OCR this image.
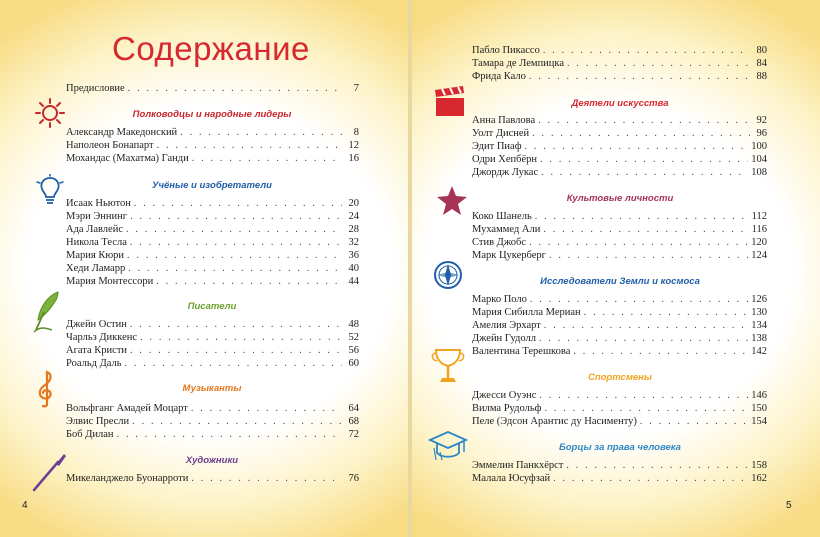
Содержание
Предисловие . . .	7
Полководцы и народные лидеры
Александр Македонский . . .	8
Наполеон Бонапарт . . .	12
Мохандас (Махатма) Ганди . . .	16
Учёные и изобретатели
Исаак Ньютон . . .	20
Мэри Эннинг . . .	24
Ада Лавлейс . . .	28
Никола Тесла . . .	32
Мария Кюри . . .	36
Хеди Ламарр . . .	40
Мария Монтессори . . .	44
Писатели
Джейн Остин . . .	48
Чарльз Диккенс . . .	52
Агата Кристи . . .	56
Роальд Даль . . .	60
Музыканты
Вольфганг Амадей Моцарт . . .	64
Элвис Пресли . . .	68
Боб Дилан . . .	72
Художники
Микеланджело Буонарроти . . .	76
4
Пабло Пикассо . . .	80
Тамара де Лемпицка . . .	84
Фрида Кало . . .	88
Деятели искусства
Анна Павлова . . .	92
Уолт Дисней . . .	96
Эдит Пиаф . . .	100
Одри Хепбёрн . . .	104
Джордж Лукас . . .	108
Культовые личности
Коко Шанель . . .	112
Мухаммед Али . . .	116
Стив Джобс . . .	120
Марк Цукерберг . . .	124
Исследователи Земли и космоса
Марко Поло . . .	126
Мария Сибилла Мериан . . .	130
Амелия Эрхарт . . .	134
Джейн Гудолл . . .	138
Валентина Терешкова . . .	142
Спортсмены
Джесси Оуэнс . . .	146
Вилма Рудольф . . .	150
Пеле (Эдсон Арантис ду Насименту) . . .	154
Борцы за права человека
Эммелин Панкхёрст . . .	158
Малала Юсуфзай . . .	162
5
